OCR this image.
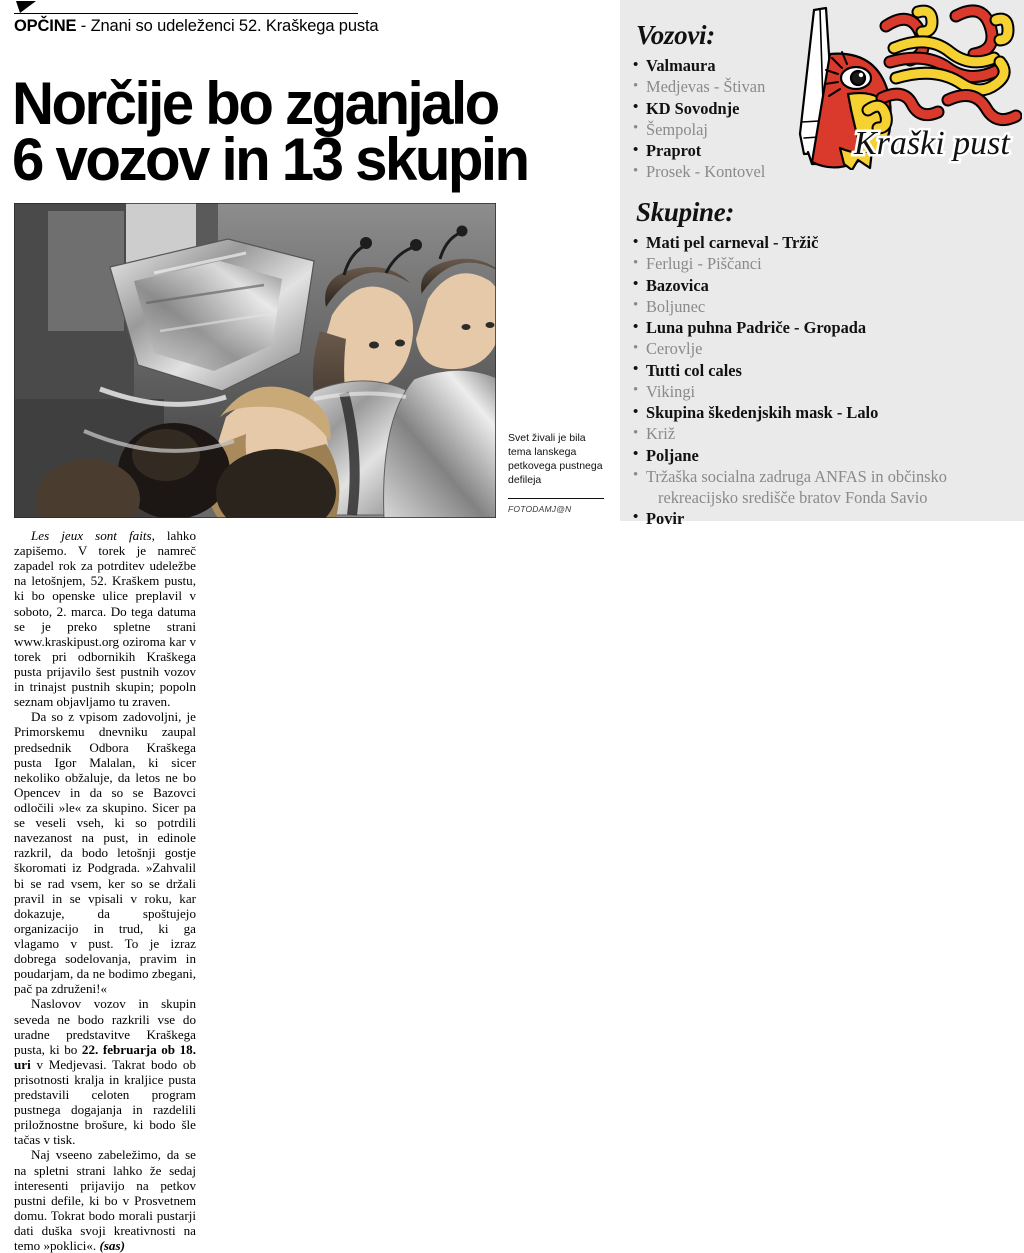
OPČINE - Znani so udeleženci 52. Kraškega pusta
Norčije bo zganjalo
6 vozov in 13 skupin
Svet živali je bila tema lanskega petkovega pustnega defileja
FOTODAMJ@N

Les jeux sont faits, lahko zapišemo. V torek je namreč zapadel rok za potrditev udeležbe na letošnjem, 52. Kraškem pustu, ki bo openske ulice preplavil v soboto, 2. marca. Do tega datuma se je preko spletne strani www.kraskipust.org oziroma kar v torek pri odbornikih Kraškega pusta prijavilo šest pustnih vozov in trinajst pustnih skupin; popoln seznam objavljamo tu zraven.

Da so z vpisom zadovoljni, je Primorskemu dnevniku zaupal predsednik Odbora Kraškega pusta Igor Malalan, ki sicer nekoliko obžaluje, da letos ne bo Opencev in da so se Bazovci odločili »le« za skupino. Sicer pa se veseli vseh, ki so potrdili navezanost na pust, in edinole razkril, da bodo letošnji gostje škoromati iz Podgrada. »Zahvalil bi se rad vsem, ker so se držali pravil in se vpisali v roku, kar dokazuje, da spoštujejo organizacijo in trud, ki ga vlagamo v pust. To je izraz dobrega sodelovanja, pravim in poudarjam, da ne bodimo zbegani, pač pa združeni!«

Naslovov vozov in skupin seveda ne bodo razkrili vse do uradne predstavitve Kraškega pusta, ki bo 22. februarja ob 18. uri v Medjevasi. Takrat bodo ob prisotnosti kralja in kraljice pusta predstavili celoten program pustnega dogajanja in razdelili priložnostne brošure, ki bodo šle tačas v tisk.

Naj vseeno zabeležimo, da se na spletni strani lahko že sedaj interesenti prijavijo na petkov pustni defile, ki bo v Prosvetnem domu. Tokrat bodo morali pustarji dati duška svoji kreativnosti na temo »poklici«. (sas)

Kraški pust
Vozovi:
• Valmaura
• Medjevas - Štivan
• KD Sovodnje
• Šempolaj
• Praprot
• Prosek - Kontovel
Skupine:
• Mati pel carneval - Tržič
• Ferlugi - Piščanci
• Bazovica
• Boljunec
• Luna puhna Padriče - Gropada
• Cerovlje
• Tutti col cales
• Vikingi
• Skupina škedenjskih mask - Lalo
• Križ
• Poljane
• Tržaška socialna zadruga ANFAS in občinsko
rekreacijsko središče bratov Fonda Savio
• Povir
